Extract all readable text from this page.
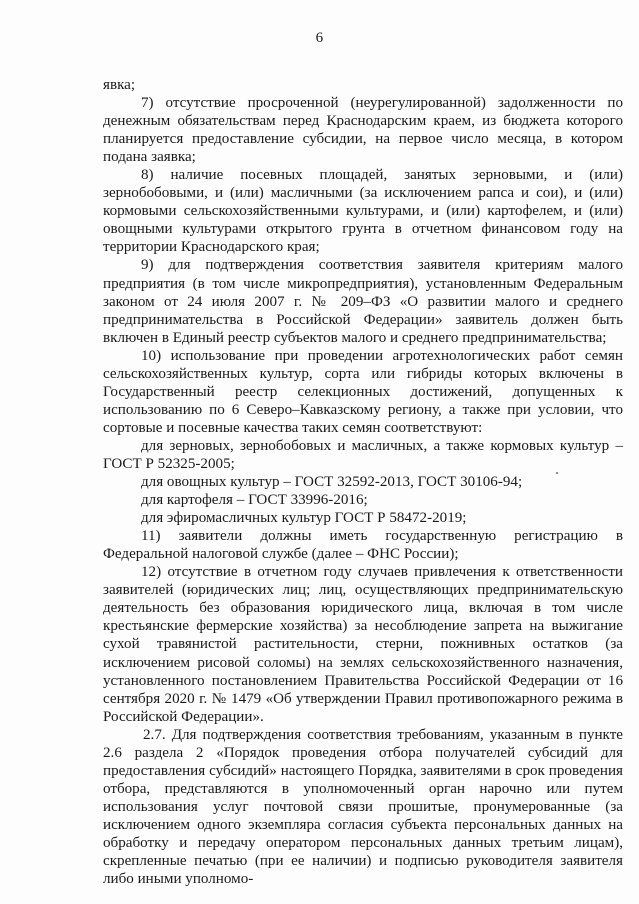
6

явка;

7) отсутствие просроченной (неурегулированной) задолженности по денежным обязательствам перед Краснодарским краем, из бюджета которого планируется предоставление субсидии, на первое число месяца, в котором подана заявка;

8) наличие посевных площадей, занятых зерновыми, и (или) зернобобовыми, и (или) масличными (за исключением рапса и сои), и (или) кормовыми сельскохозяйственными культурами, и (или) картофелем, и (или) овощными культурами открытого грунта в отчетном финансовом году на территории Краснодарского края;

9) для подтверждения соответствия заявителя критериям малого предприятия (в том числе микропредприятия), установленным Федеральным законом от 24 июля 2007 г. № 209–ФЗ «О развитии малого и среднего предпринимательства в Российской Федерации» заявитель должен быть включен в Единый реестр субъектов малого и среднего предпринимательства;

10) использование при проведении агротехнологических работ семян сельскохозяйственных культур, сорта или гибриды которых включены в Государственный реестр селекционных достижений, допущенных к использованию по 6 Северо–Кавказскому региону, а также при условии, что сортовые и посевные качества таких семян соответствуют:

для зерновых, зернобобовых и масличных, а также кормовых культур – ГОСТ Р 52325-2005;

для овощных культур – ГОСТ 32592-2013, ГОСТ 30106-94;

для картофеля – ГОСТ 33996-2016;

для эфиромасличных культур ГОСТ Р 58472-2019;

11) заявители должны иметь государственную регистрацию в Федеральной налоговой службе (далее – ФНС России);

12) отсутствие в отчетном году случаев привлечения к ответственности заявителей (юридических лиц; лиц, осуществляющих предпринимательскую деятельность без образования юридического лица, включая в том числе крестьянские фермерские хозяйства) за несоблюдение запрета на выжигание сухой травянистой растительности, стерни, пожнивных остатков (за исключением рисовой соломы) на землях сельскохозяйственного назначения, установленного постановлением Правительства Российской Федерации от 16 сентября 2020 г. № 1479 «Об утверждении Правил противопожарного режима в Российской Федерации».

2.7. Для подтверждения соответствия требованиям, указанным в пункте 2.6 раздела 2 «Порядок проведения отбора получателей субсидий для предоставления субсидий» настоящего Порядка, заявителями в срок проведения отбора, представляются в уполномоченный орган нарочно или путем использования услуг почтовой связи прошитые, пронумерованные (за исключением одного экземпляра согласия субъекта персональных данных на обработку и передачу оператором персональных данных третьим лицам), скрепленные печатью (при ее наличии) и подписью руководителя заявителя либо иными уполномо-
